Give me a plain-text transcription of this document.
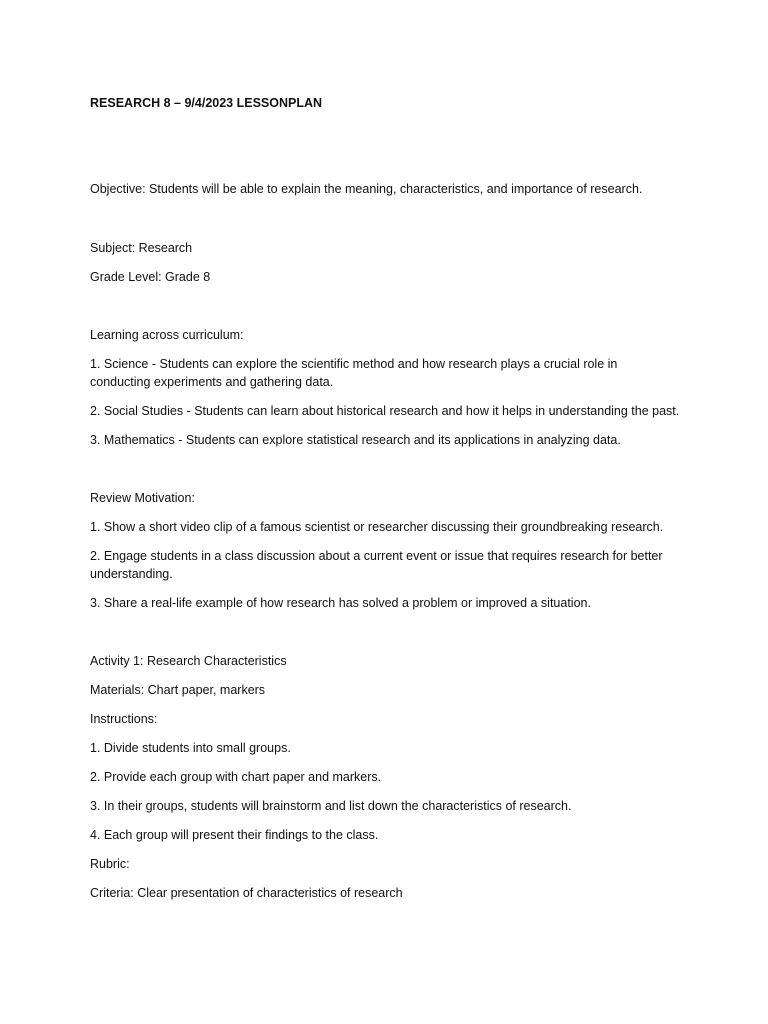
RESEARCH 8 – 9/4/2023 LESSONPLAN

Objective: Students will be able to explain the meaning, characteristics, and importance of research.

Subject: Research

Grade Level: Grade 8

Learning across curriculum:

1. Science - Students can explore the scientific method and how research plays a crucial role in conducting experiments and gathering data.

2. Social Studies - Students can learn about historical research and how it helps in understanding the past.

3. Mathematics - Students can explore statistical research and its applications in analyzing data.

Review Motivation:

1. Show a short video clip of a famous scientist or researcher discussing their groundbreaking research.

2. Engage students in a class discussion about a current event or issue that requires research for better understanding.

3. Share a real-life example of how research has solved a problem or improved a situation.

Activity 1: Research Characteristics

Materials: Chart paper, markers

Instructions:

1. Divide students into small groups.

2. Provide each group with chart paper and markers.

3. In their groups, students will brainstorm and list down the characteristics of research.

4. Each group will present their findings to the class.

Rubric:

Criteria: Clear presentation of characteristics of research
